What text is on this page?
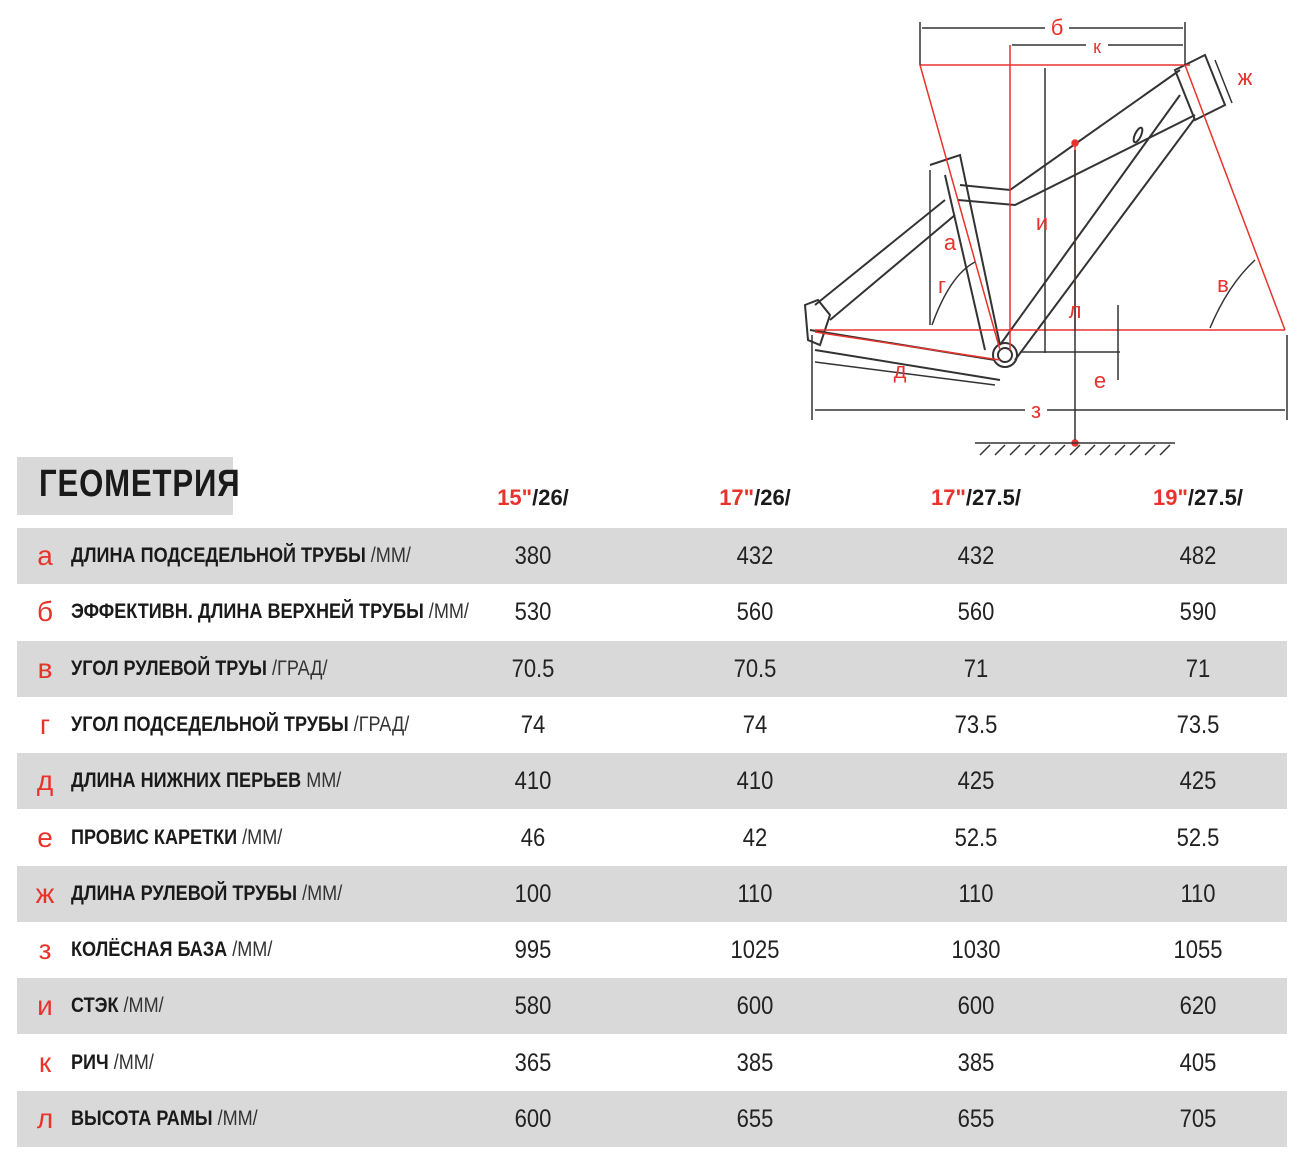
б
к
ж
а
и
г	в
л
д	е
з
ГЕОМЕТРИЯ	15"/26/	17"/26/	17"/27.5/	19"/27.5/
а ДЛИНА ПОДСЕДЕЛЬНОЙ ТРУБЫ /ММ/	380	432	432	482
б ЭФФЕКТИВН. ДЛИНА ВЕРХНЕЙ ТРУБЫ /ММ/	530	560	560	590
в УГОЛ РУЛЕВОЙ ТРУЫ /ГРАД/	70.5	70.5	71	71
г УГОЛ ПОДСЕДЕЛЬНОЙ ТРУБЫ /ГРАД/	74	74	73.5	73.5
д ДЛИНА НИЖНИХ ПЕРЬЕВ ММ/	410	410	425	425
е ПРОВИС КАРЕТКИ /ММ/	46	42	52.5	52.5
ж ДЛИНА РУЛЕВОЙ ТРУБЫ /ММ/	100	110	110	110
з КОЛЁСНАЯ БАЗА /ММ/	995	1025	1030	1055
и СТЭК /ММ/	580	600	600	620
к РИЧ /ММ/	365	385	385	405
л ВЫСОТА РАМЫ /ММ/	600	655	655	705
